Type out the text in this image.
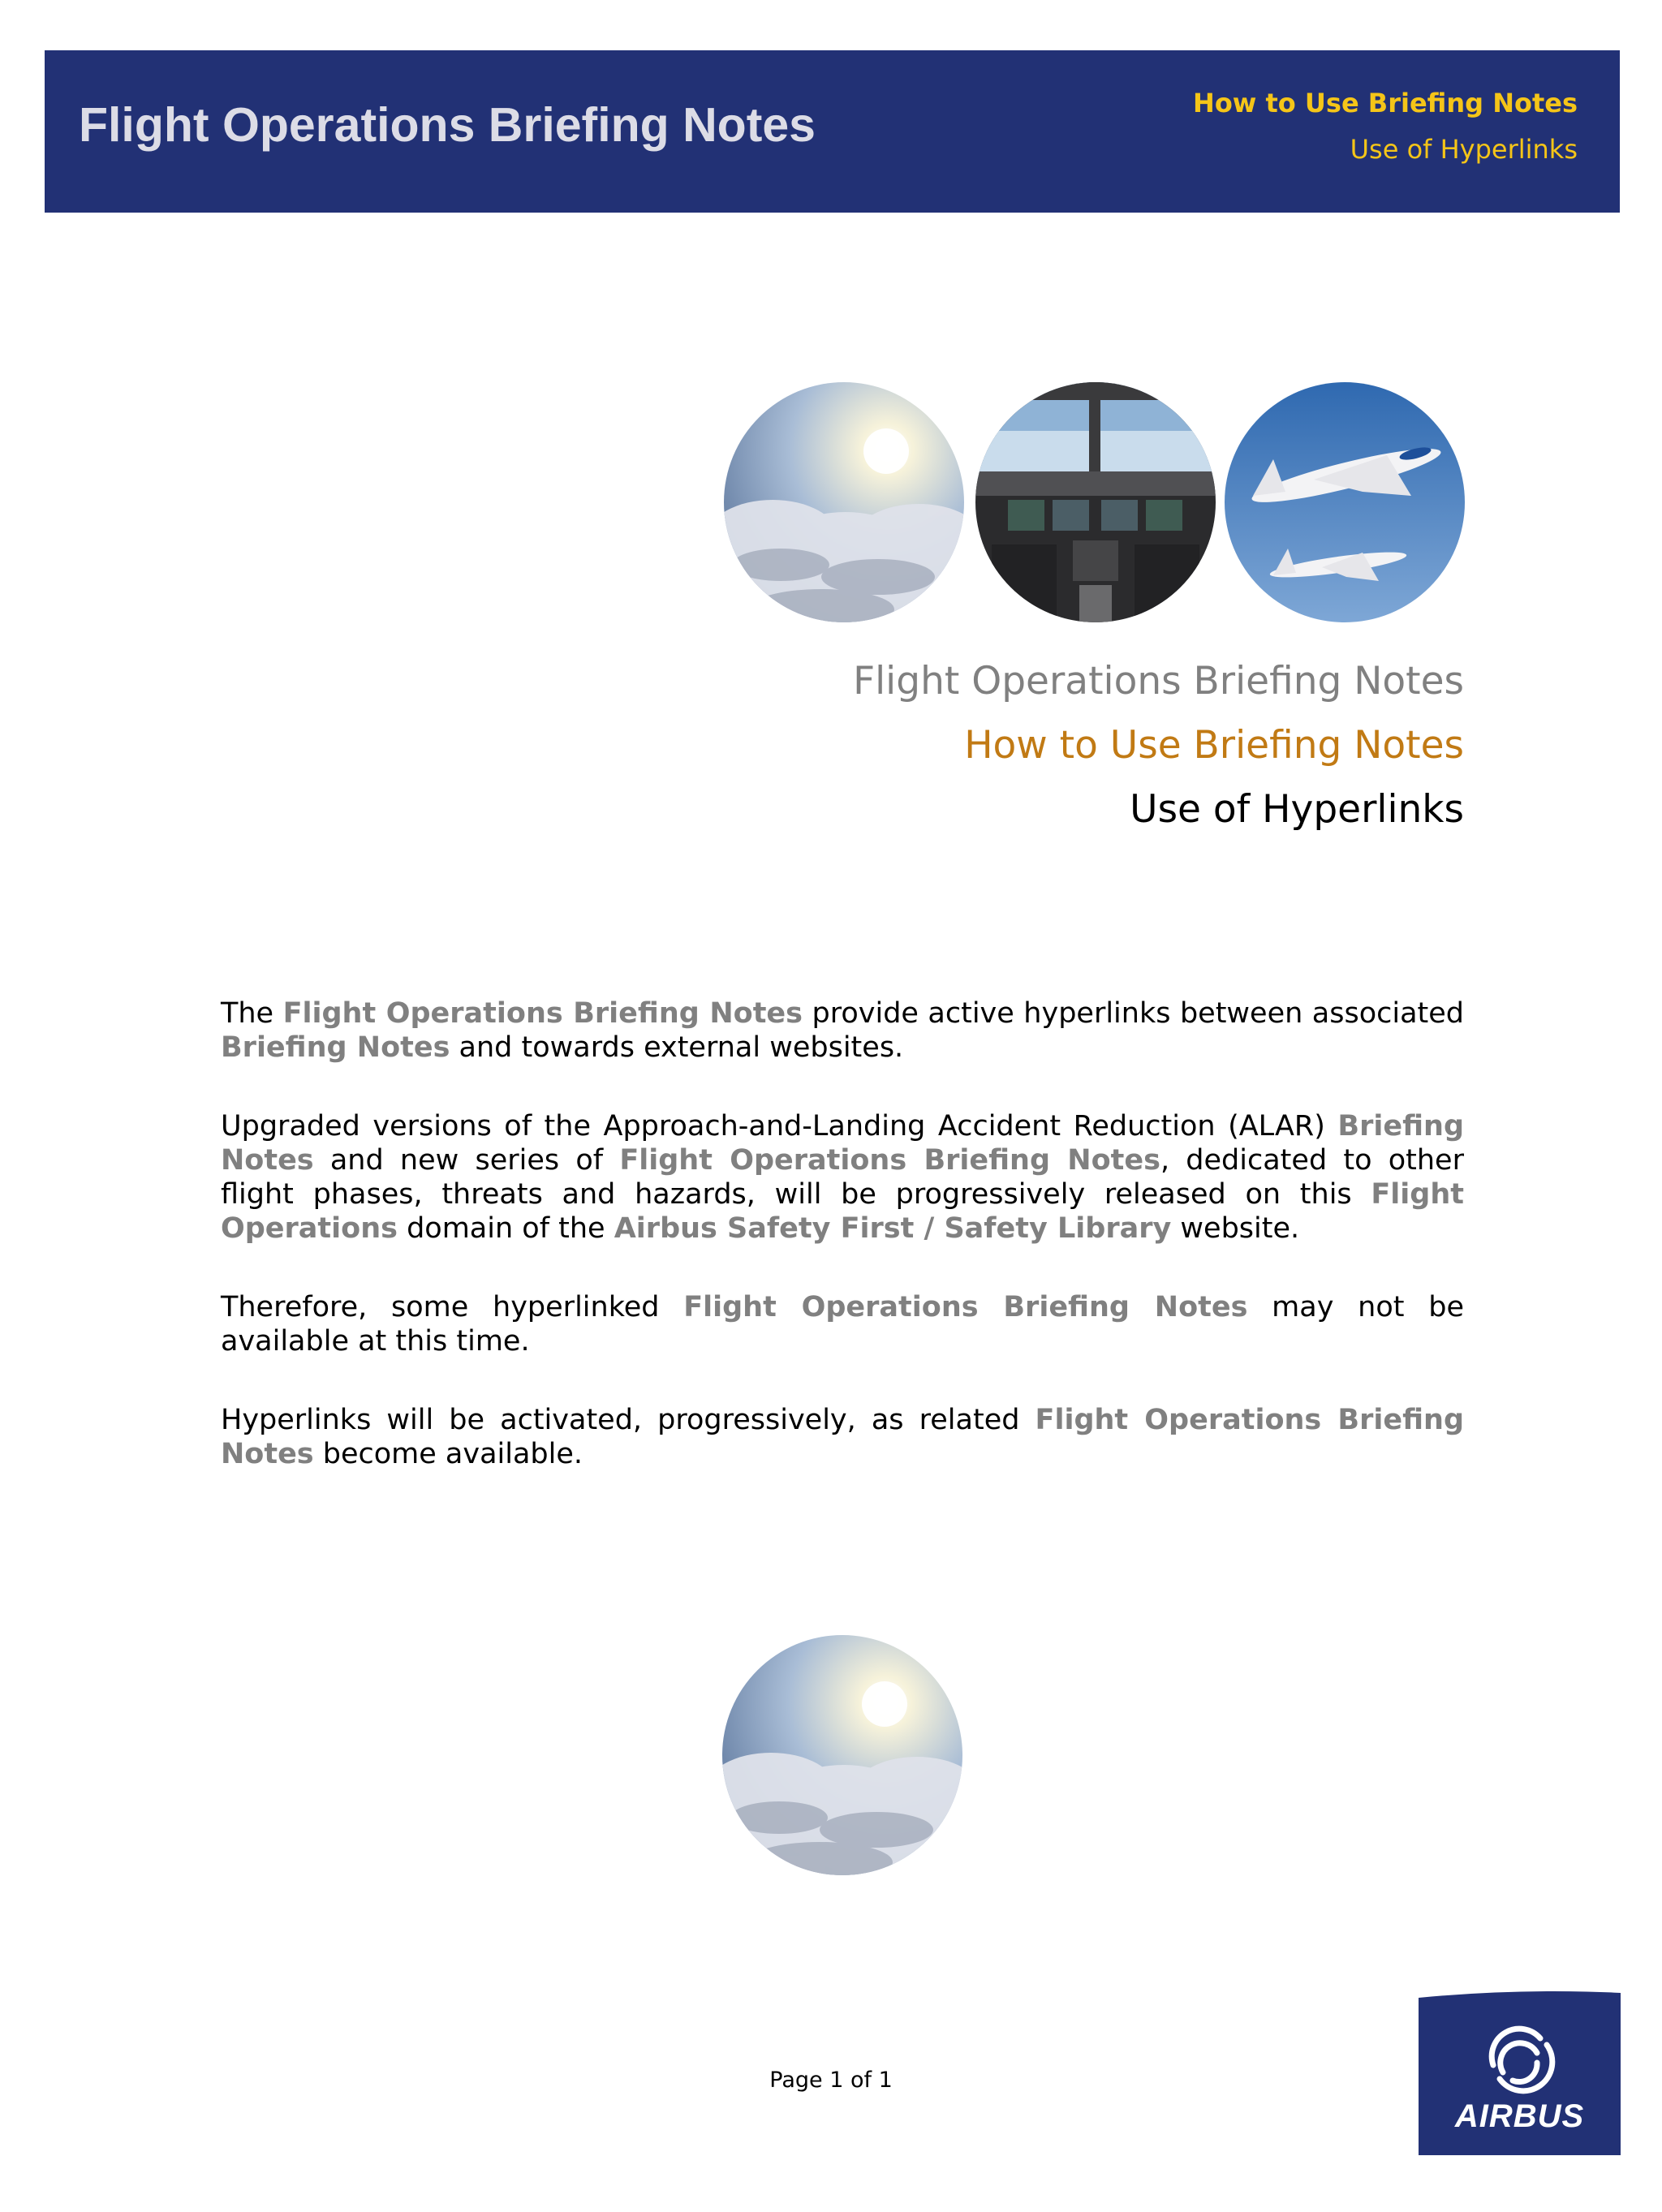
Flight Operations Briefing Notes	How to Use Briefing Notes
Use of Hyperlinks
Flight Operations Briefing Notes
How to Use Briefing Notes
Use of Hyperlinks

The Flight Operations Briefing Notes provide active hyperlinks between associated Briefing Notes and towards external websites.

Upgraded versions of the Approach-and-Landing Accident Reduction (ALAR) Briefing Notes and new series of Flight Operations Briefing Notes, dedicated to other flight phases, threats and hazards, will be progressively released on this Flight Operations domain of the Airbus Safety First / Safety Library website.

Therefore, some hyperlinked Flight Operations Briefing Notes may not be available at this time.

Hyperlinks will be activated, progressively, as related Flight Operations Briefing Notes become available.

Page 1 of 1
AIRBUS
